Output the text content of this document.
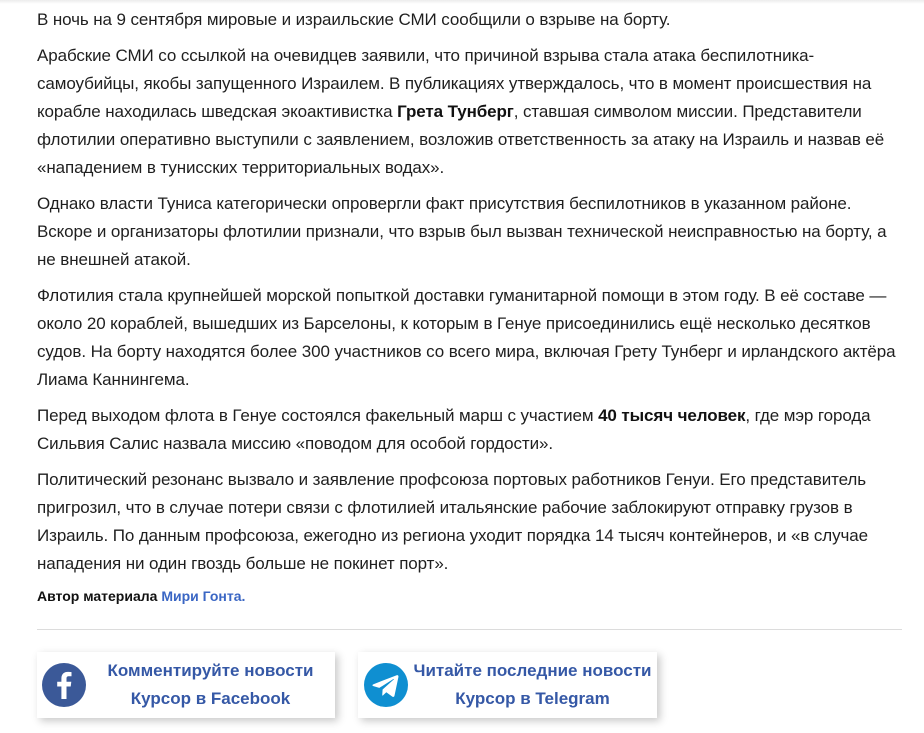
В ночь на 9 сентября мировые и израильские СМИ сообщили о взрыве на борту.

Арабские СМИ со ссылкой на очевидцев заявили, что причиной взрыва стала атака беспилотника-самоубийцы, якобы запущенного Израилем. В публикациях утверждалось, что в момент происшествия на корабле находилась шведская экоактивистка Грета Тунберг, ставшая символом миссии. Представители флотилии оперативно выступили с заявлением, возложив ответственность за атаку на Израиль и назвав её «нападением в тунисских территориальных водах».

Однако власти Туниса категорически опровергли факт присутствия беспилотников в указанном районе. Вскоре и организаторы флотилии признали, что взрыв был вызван технической неисправностью на борту, а не внешней атакой.

Флотилия стала крупнейшей морской попыткой доставки гуманитарной помощи в этом году. В её составе — около 20 кораблей, вышедших из Барселоны, к которым в Генуе присоединились ещё несколько десятков судов. На борту находятся более 300 участников со всего мира, включая Грету Тунберг и ирландского актёра Лиама Каннингема.

Перед выходом флота в Генуе состоялся факельный марш с участием 40 тысяч человек, где мэр города Сильвия Салис назвала миссию «поводом для особой гордости».

Политический резонанс вызвало и заявление профсоюза портовых работников Генуи. Его представитель пригрозил, что в случае потери связи с флотилией итальянские рабочие заблокируют отправку грузов в Израиль. По данным профсоюза, ежегодно из региона уходит порядка 14 тысяч контейнеров, и «в случае нападения ни один гвоздь больше не покинет порт».

Автор материала Мири Гонта.
Комментируйте новости
Курсор в Facebook
Читайте последние новости
Курсор в Telegram
